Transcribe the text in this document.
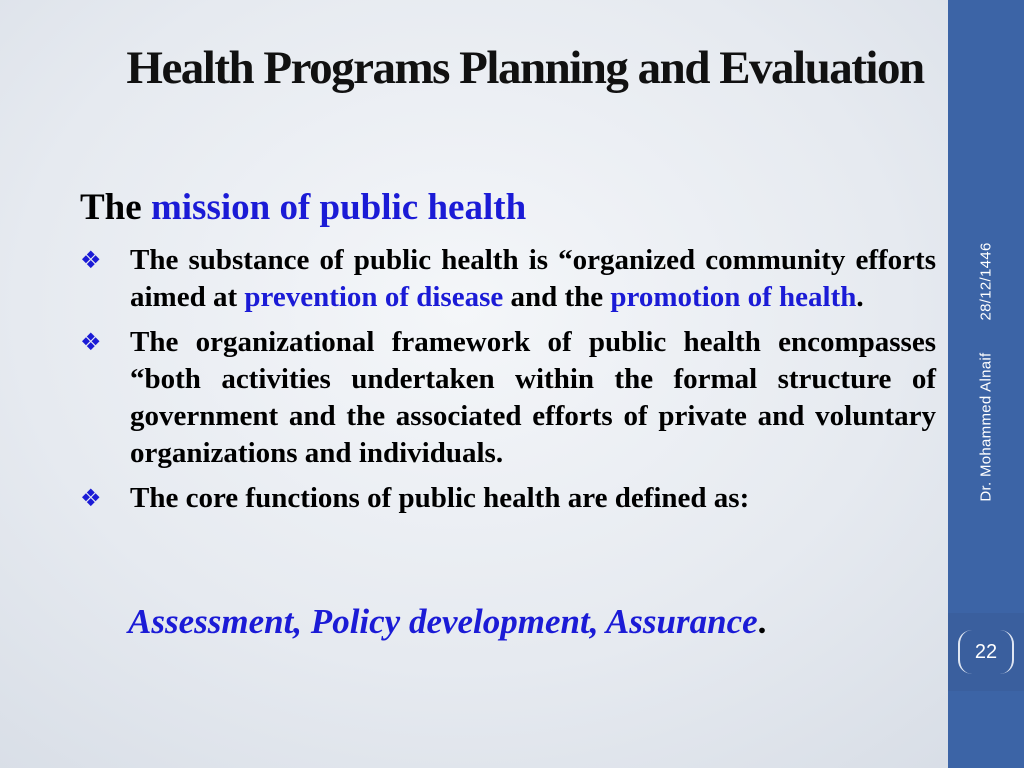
Health Programs Planning and Evaluation
The mission of public health
❖ The substance of public health is “organized community efforts aimed at prevention of disease and the promotion of health.
❖ The organizational framework of public health encompasses “both activities undertaken within the formal structure of government and the associated efforts of private and voluntary organizations and individuals.
❖ The core functions of public health are defined as:
Assessment, Policy development, Assurance.
Dr. Mohammed Alnaif28/12/1446
22
